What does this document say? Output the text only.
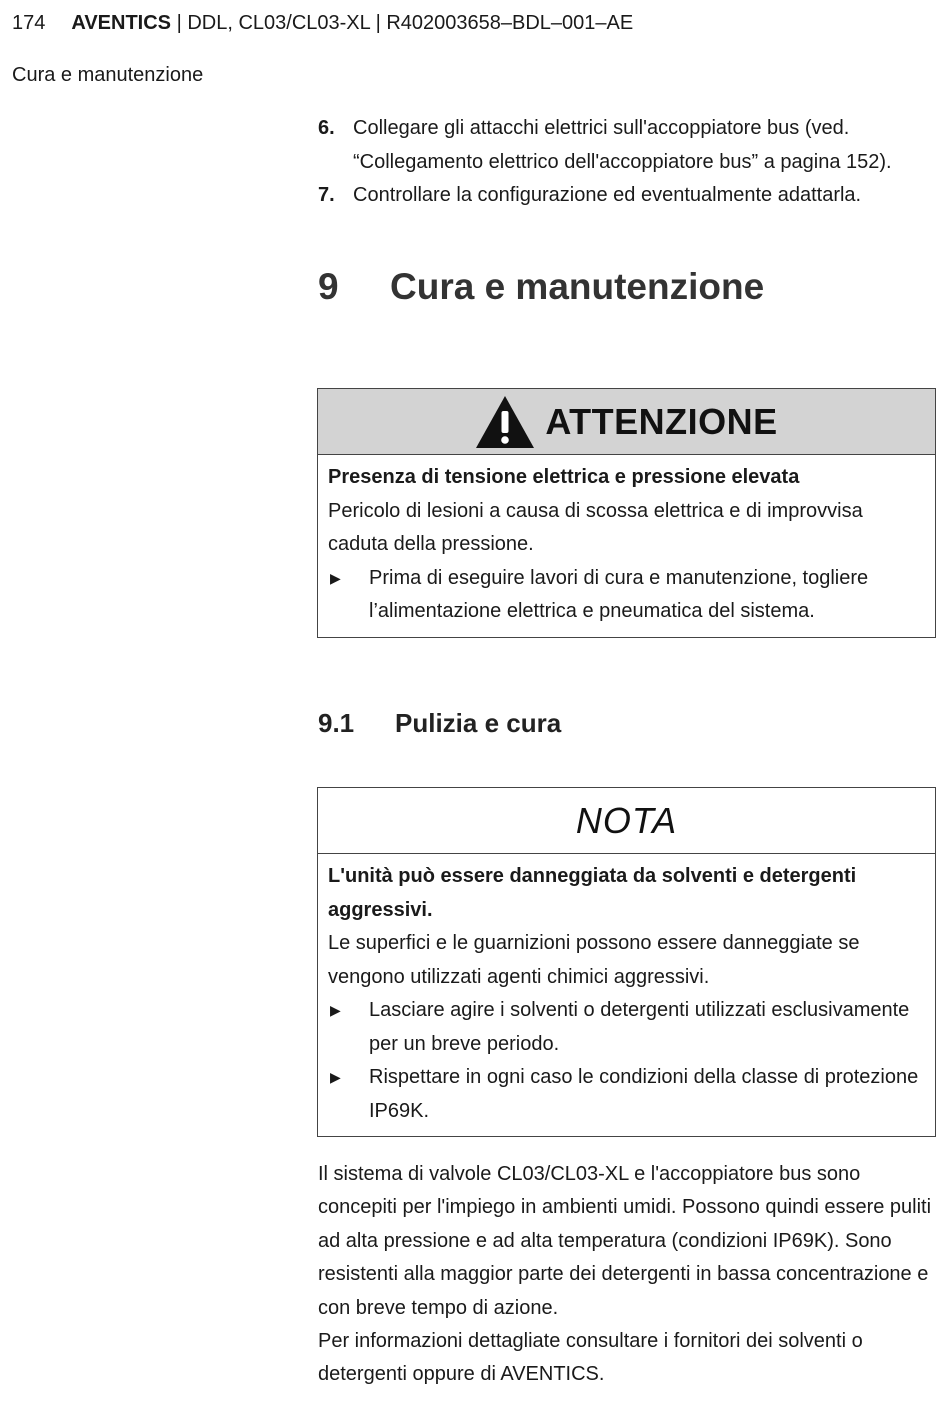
174 AVENTICS | DDL, CL03/CL03-XL | R402003658–BDL–001–AE
Cura e manutenzione
6. Collegare gli attacchi elettrici sull'accoppiatore bus (ved. “Collegamento elettrico dell'accoppiatore bus” a pagina 152).
7. Controllare la configurazione ed eventualmente adattarla.
9 Cura e manutenzione
ATTENZIONE
Presenza di tensione elettrica e pressione elevata
Pericolo di lesioni a causa di scossa elettrica e di improvvisa caduta della pressione.
▶ Prima di eseguire lavori di cura e manutenzione, togliere l’alimentazione elettrica e pneumatica del sistema.
9.1 Pulizia e cura
NOTA
L'unità può essere danneggiata da solventi e detergenti aggressivi.
Le superfici e le guarnizioni possono essere danneggiate se vengono utilizzati agenti chimici aggressivi.
▶ Lasciare agire i solventi o detergenti utilizzati esclusivamente per un breve periodo.
▶ Rispettare in ogni caso le condizioni della classe di protezione IP69K.
Il sistema di valvole CL03/CL03-XL e l'accoppiatore bus sono concepiti per l'impiego in ambienti umidi. Possono quindi essere puliti ad alta pressione e ad alta temperatura (condizioni IP69K). Sono resistenti alla maggior parte dei detergenti in bassa concentrazione e con breve tempo di azione.
Per informazioni dettagliate consultare i fornitori dei solventi o detergenti oppure di AVENTICS.
